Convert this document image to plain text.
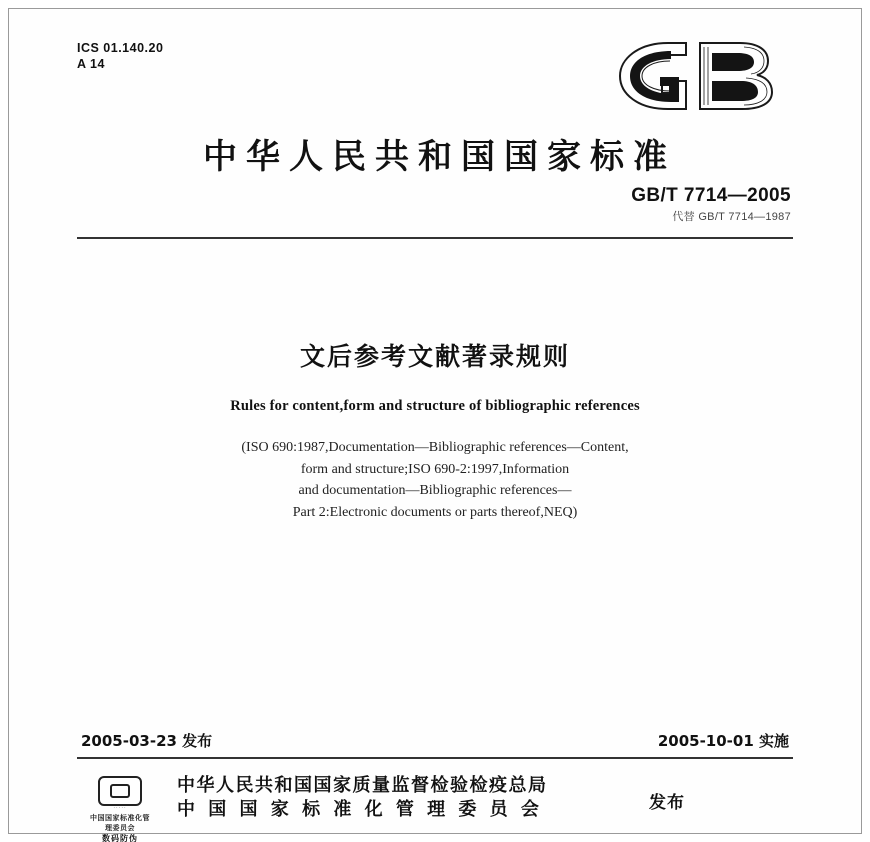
ICS 01.140.20
A 14
中华人民共和国国家标准
GB/T 7714—2005
代替 GB/T 7714—1987
文后参考文献著录规则
Rules for content,form and structure of bibliographic references
(ISO 690:1987,Documentation—Bibliographic references—Content,
form and structure;ISO 690-2:1997,Information
and documentation—Bibliographic references—
Part 2:Electronic documents or parts thereof,NEQ)
2005-03-23 发布	2005-10-01 实施
·····
中国国家标准化管理委员会
数码防伪
中华人民共和国国家质量监督检验检疫总局
中 国 国 家 标 准 化 管 理 委 员 会	发布
